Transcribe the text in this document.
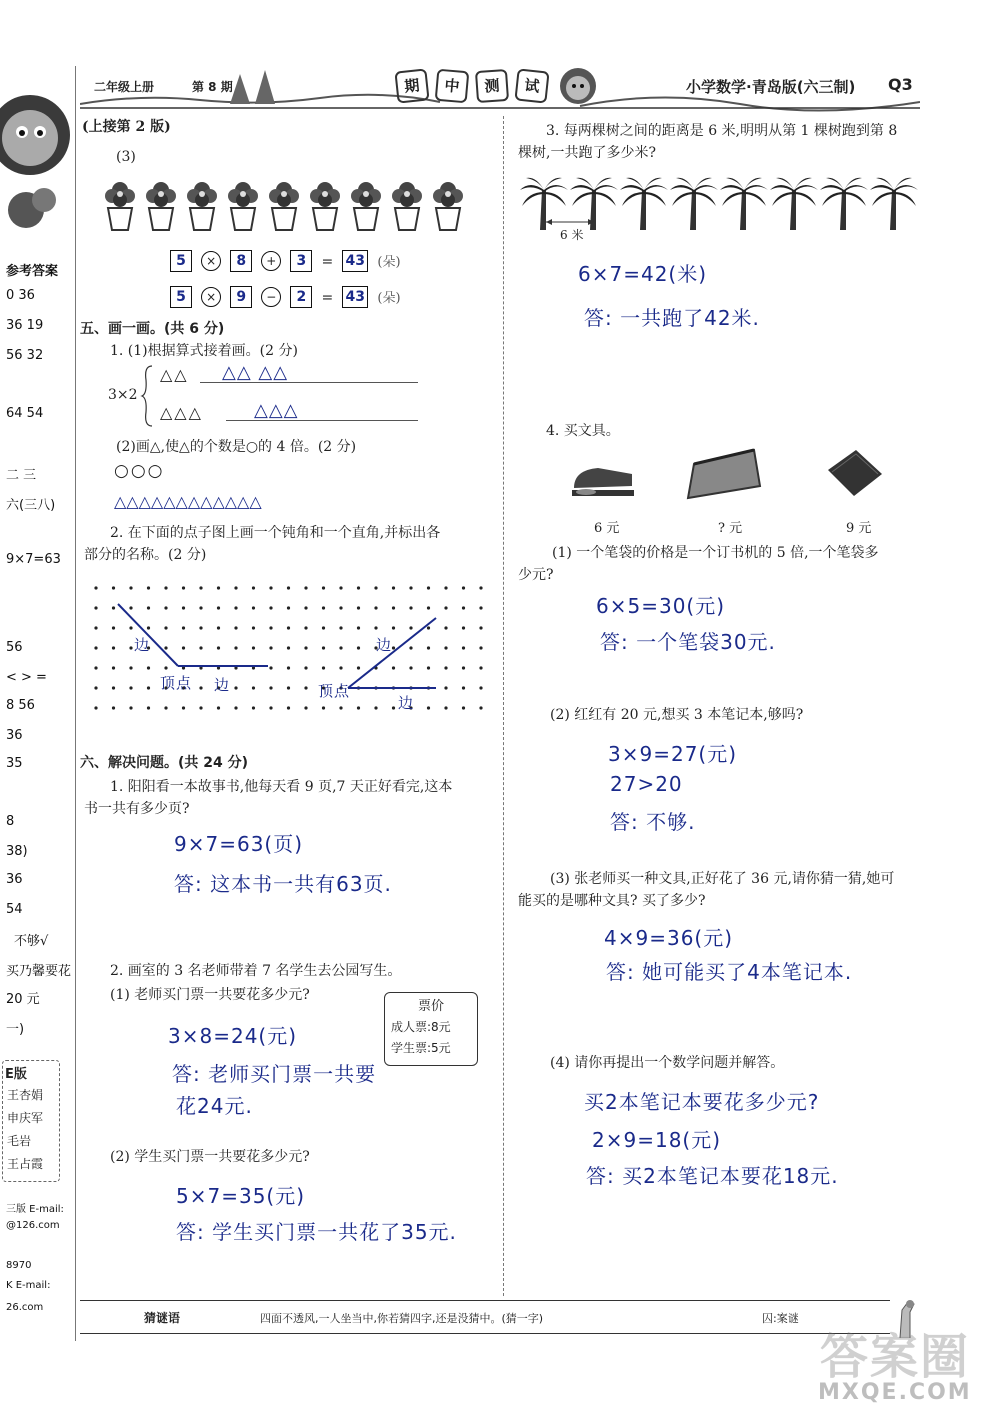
参考答案
0 36
36 19
56 32
64 54
二 三
六(三八)
9×7=63
56
< > =
8 56
36
35
8
38)
36
54
不够√
买乃馨要花
20 元
一)
E版
王杏娟
申庆军
毛岩
王占霞
三版 E-mail:
@126.com
8970
K E-mail:
26.com
二年级上册	第 8 期	期	中	测	试	小学数学·青岛版(六三制) Q3
(上接第 2 版)
(3)
5 × 8 + 3 = 43 (朵)
5 × 9 − 2 = 43 (朵)
五、画一画。(共 6 分)
1. (1)根据算式接着画。(2 分)
3×2
△△ △△ △△
△△△	△△△
(2)画△,使△的个数是○的 4 倍。(2 分)
○○○
△△△△△△△△△△△△
2. 在下面的点子图上画一个钝角和一个直角,并标出各
部分的名称。(2 分)
边
顶点 边
边
顶点
边
六、解决问题。(共 24 分)
1. 阳阳看一本故事书,他每天看 9 页,7 天正好看完,这本
书一共有多少页?
9×7=63(页)
答: 这本书一共有63页.
2. 画室的 3 名老师带着 7 名学生去公园写生。
(1) 老师买门票一共要花多少元?
票价
成人票:8元
学生票:5元
3×8=24(元)
答: 老师买门票一共要
花24元.
(2) 学生买门票一共要花多少元?
5×7=35(元)
答: 学生买门票一共花了35元.
3. 每两棵树之间的距离是 6 米,明明从第 1 棵树跑到第 8
棵树,一共跑了多少米?
6 米
6×7=42(米)
答: 一共跑了42米.
4. 买文具。
6 元	? 元	9 元
(1) 一个笔袋的价格是一个订书机的 5 倍,一个笔袋多
少元?
6×5=30(元)
答: 一个笔袋30元.
(2) 红红有 20 元,想买 3 本笔记本,够吗?
3×9=27(元)
27>20
答: 不够.
(3) 张老师买一种文具,正好花了 36 元,请你猜一猜,她可
能买的是哪种文具? 买了多少?
4×9=36(元)
答: 她可能买了4本笔记本.
(4) 请你再提出一个数学问题并解答。
买2本笔记本要花多少元?
2×9=18(元)
答: 买2本笔记本要花18元.
猜谜语	四面不透风,一人坐当中,你若猜四字,还是没猜中。(猜一字)	囚:案谜
答案圈
MXQE.COM
